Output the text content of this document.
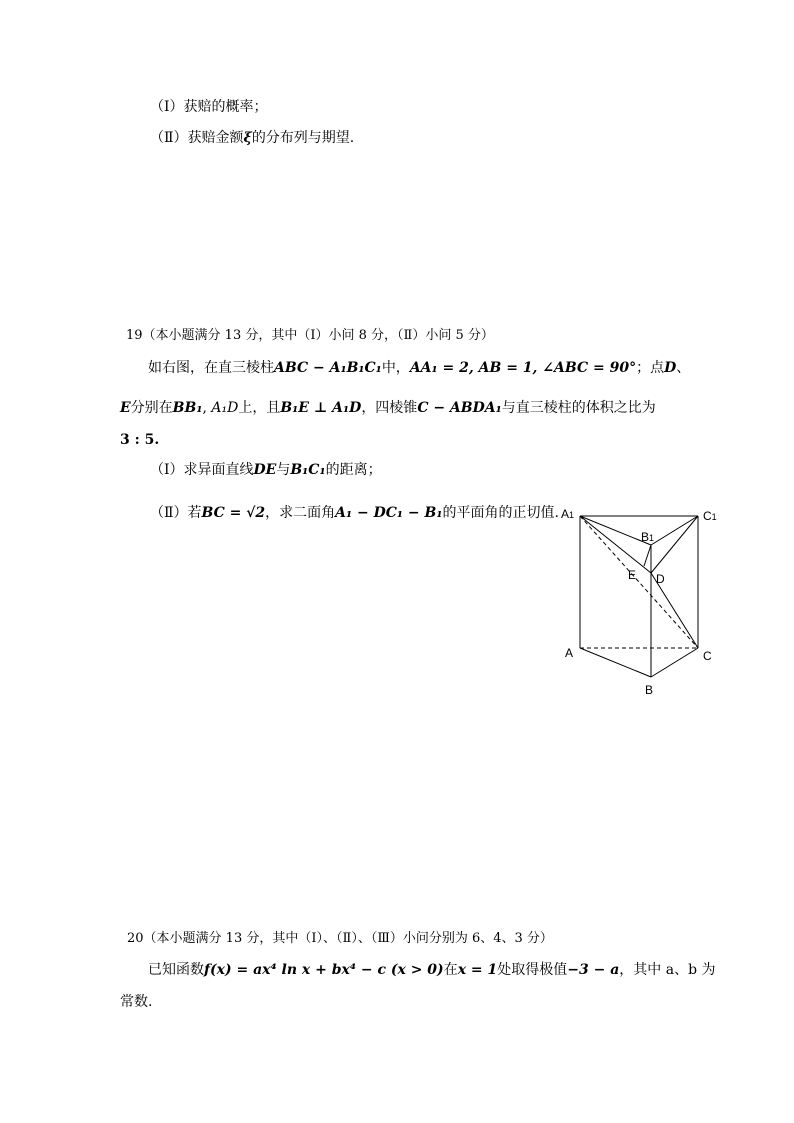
（Ⅰ）获赔的概率；
（Ⅱ）获赔金额ξ的分布列与期望.
19（本小题满分 13 分，其中（Ⅰ）小问 8 分，（Ⅱ）小问 5 分）
如右图，在直三棱柱ABC − A₁B₁C₁中，AA₁ = 2, AB = 1, ∠ABC = 90°；点D、
E分别在BB₁, A₁D上，且B₁E ⊥ A₁D，四棱锥C − ABDA₁与直三棱柱的体积之比为
3 : 5.
（Ⅰ）求异面直线DE与B₁C₁的距离；
（Ⅱ）若BC = √2，求二面角A₁ − DC₁ − B₁的平面角的正切值. A1
B1
C1
E D
A	C
B
20（本小题满分 13 分，其中（Ⅰ）、（Ⅱ）、（Ⅲ）小问分别为 6、4、3 分）
已知函数f(x) = ax⁴ ln x + bx⁴ − c (x > 0)在x = 1处取得极值−3 − a，其中 a、b 为
常数.
